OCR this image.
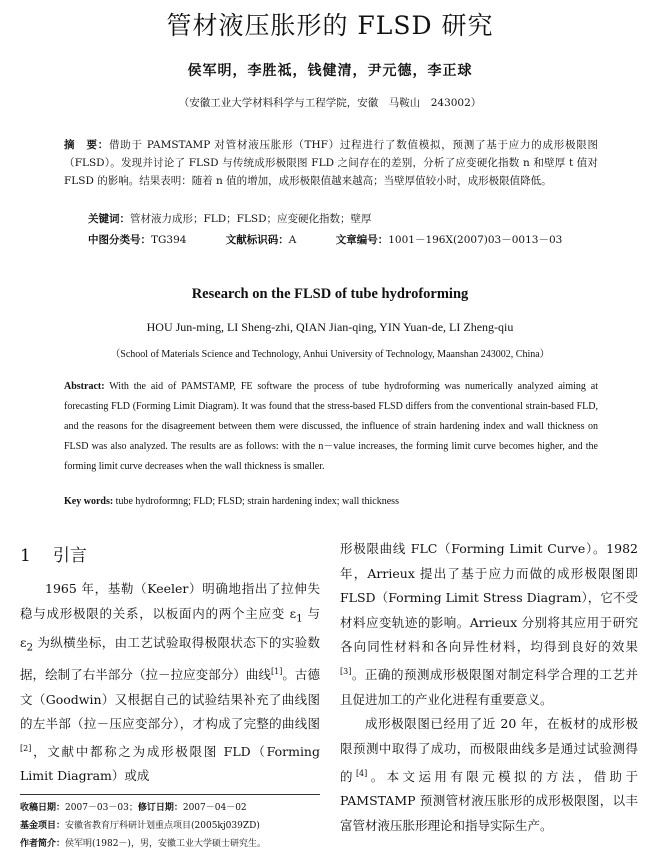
管材液压胀形的 FLSD 研究
侯军明，李胜祗，钱健清，尹元德，李正球
（安徽工业大学材料科学与工程学院，安徽　马鞍山　243002）
摘　要：借助于 PAMSTAMP 对管材液压胀形（THF）过程进行了数值模拟，预测了基于应力的成形极限图（FLSD）。发现并讨论了 FLSD 与传统成形极限图 FLD 之间存在的差别，分析了应变硬化指数 n 和壁厚 t 值对 FLSD 的影响。结果表明：随着 n 值的增加，成形极限值越来越高；当壁厚值较小时，成形极限值降低。
关键词：管材液力成形；FLD；FLSD；应变硬化指数；壁厚
中图分类号：TG394	文献标识码：A	文章编号：1001－196X(2007)03－0013－03
Research on the FLSD of tube hydroforming
HOU Jun-ming, LI Sheng-zhi, QIAN Jian-qing, YIN Yuan-de, LI Zheng-qiu
（School of Materials Science and Technology, Anhui University of Technology, Maanshan 243002, China）
Abstract: With the aid of PAMSTAMP, FE software the process of tube hydroforming was numerically analyzed aiming at forecasting FLD (Forming Limit Diagram). It was found that the stress-based FLSD differs from the conventional strain-based FLD, and the reasons for the disagreement between them were discussed, the influence of strain hardening index and wall thickness on FLSD was also analyzed. The results are as follows: with the n－value increases, the forming limit curve becomes higher, and the forming limit curve decreases when the wall thickness is smaller.
Key words: tube hydroformng; FLD; FLSD; strain hardening index; wall thickness
1 引言
1965 年，基勒（Keeler）明确地指出了拉伸失稳与成形极限的关系，以板面内的两个主应变 $\varepsilon_1$ 与 $\varepsilon_2$ 为纵横坐标，由工艺试验取得极限状态下的实验数据，绘制了右半部分（拉－拉应变部分）曲线[1]。古德文（Goodwin）又根据自己的试验结果补充了曲线图的左半部（拉－压应变部分），才构成了完整的曲线图[2]，文献中都称之为成形极限图 FLD（Forming Limit Diagram）或成
形极限曲线 FLC（Forming Limit Curve）。1982 年，Arrieux 提出了基于应力而做的成形极限图即 FLSD（Forming Limit Stress Diagram），它不受材料应变轨迹的影响。Arrieux 分别将其应用于研究各向同性材料和各向异性材料，均得到良好的效果[3]。正确的预测成形极限图对制定科学合理的工艺并且促进加工的产业化进程有重要意义。
成形极限图已经用了近 20 年，在板材的成形极限预测中取得了成功，而极限曲线多是通过试验测得的[4]。本文运用有限元模拟的方法，借助于 PAMSTAMP 预测管材液压胀形的成形极限图，以丰富管材液压胀形理论和指导实际生产。
收稿日期：2007－03－03；修订日期：2007－04－02
基金项目：安徽省教育厅科研计划重点项目(2005kj039ZD)
作者简介：侯军明(1982－)，男，安徽工业大学硕士研究生。
